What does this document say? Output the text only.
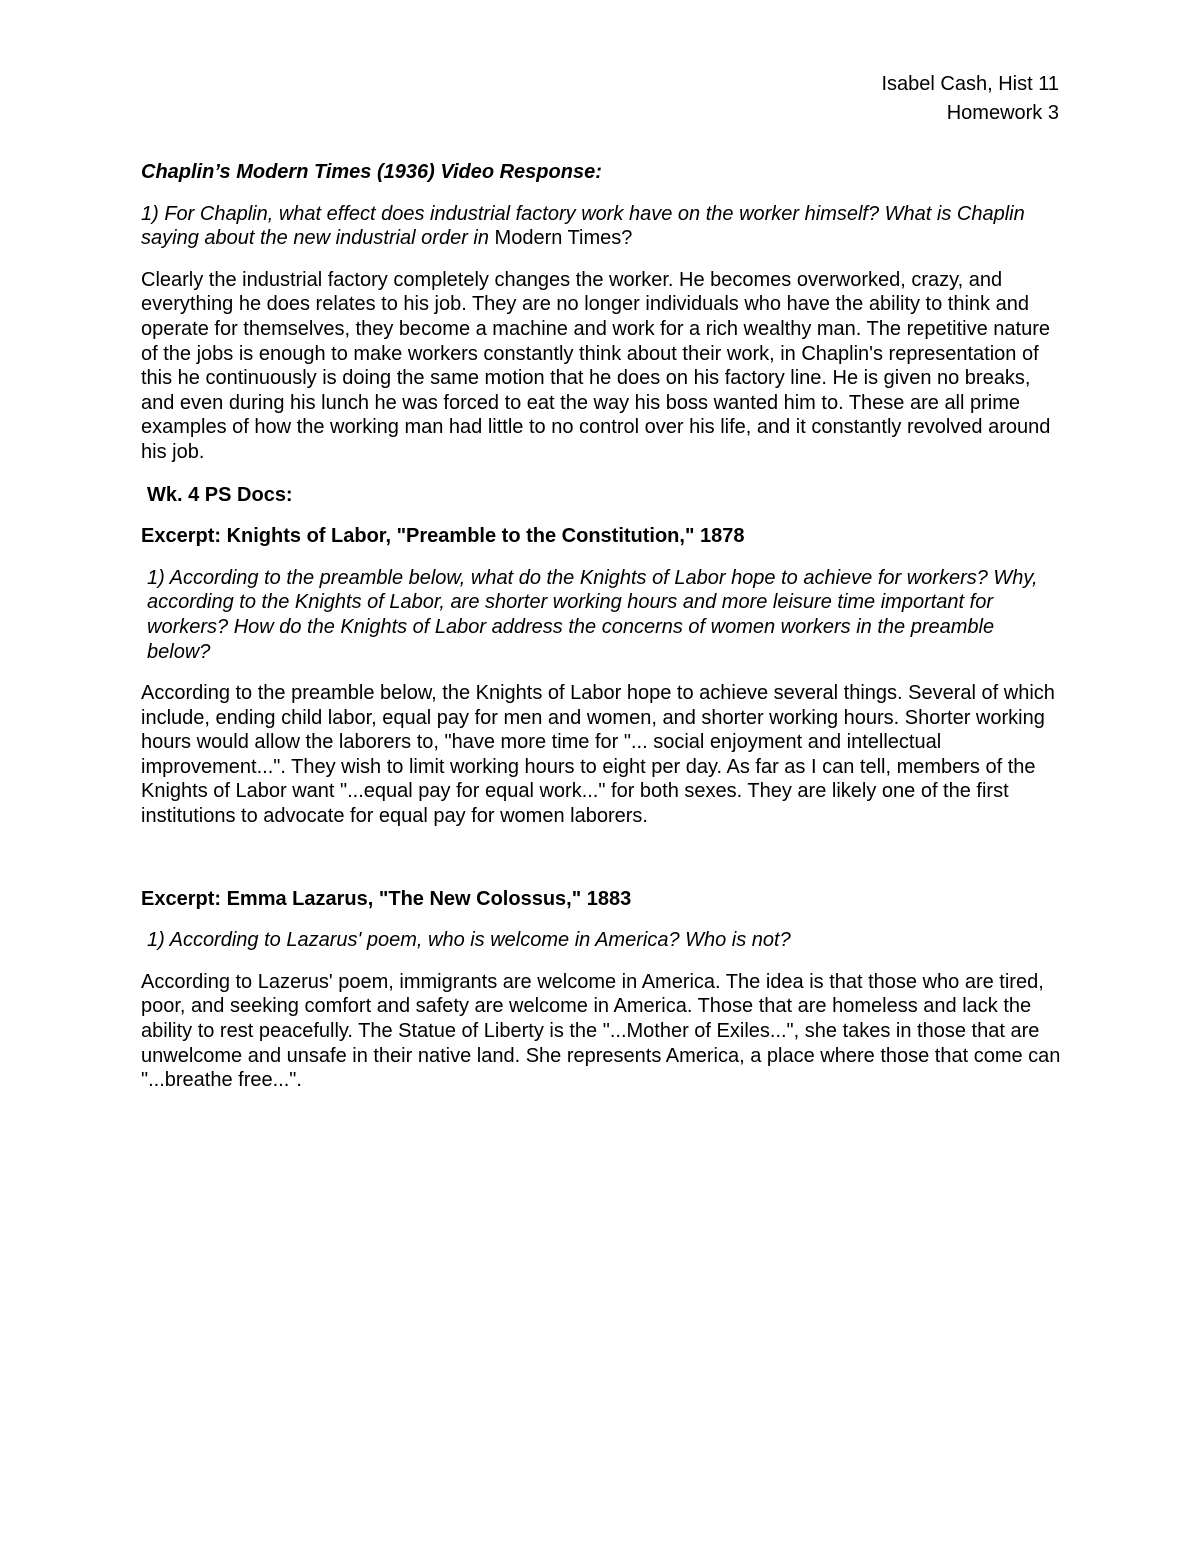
Isabel Cash, Hist 11
Homework 3
Chaplin’s Modern Times (1936) Video Response:
1) For Chaplin, what effect does industrial factory work have on the worker himself? What is Chaplin saying about the new industrial order in Modern Times?
Clearly the industrial factory completely changes the worker. He becomes overworked, crazy, and everything he does relates to his job. They are no longer individuals who have the ability to think and operate for themselves, they become a machine and work for a rich wealthy man. The repetitive nature of the jobs is enough to make workers constantly think about their work, in Chaplin's representation of this he continuously is doing the same motion that he does on his factory line. He is given no breaks, and even during his lunch he was forced to eat the way his boss wanted him to. These are all prime examples of how the working man had little to no control over his life, and it constantly revolved around his job.
Wk. 4 PS Docs:
Excerpt: Knights of Labor, "Preamble to the Constitution," 1878
1) According to the preamble below, what do the Knights of Labor hope to achieve for workers? Why, according to the Knights of Labor, are shorter working hours and more leisure time important for workers? How do the Knights of Labor address the concerns of women workers in the preamble below?
According to the preamble below, the Knights of Labor hope to achieve several things. Several of which include, ending child labor, equal pay for men and women, and shorter working hours. Shorter working hours would allow the laborers to, "have more time for "... social enjoyment and intellectual improvement...". They wish to limit working hours to eight per day. As far as I can tell, members of the Knights of Labor want "...equal pay for equal work..." for both sexes. They are likely one of the first institutions to advocate for equal pay for women laborers.
Excerpt: Emma Lazarus, "The New Colossus," 1883
1) According to Lazarus' poem, who is welcome in America? Who is not?
According to Lazerus' poem, immigrants are welcome in America. The idea is that those who are tired, poor, and seeking comfort and safety are welcome in America. Those that are homeless and lack the ability to rest peacefully. The Statue of Liberty is the "...Mother of Exiles...", she takes in those that are unwelcome and unsafe in their native land. She represents America, a place where those that come can "...breathe free...".
